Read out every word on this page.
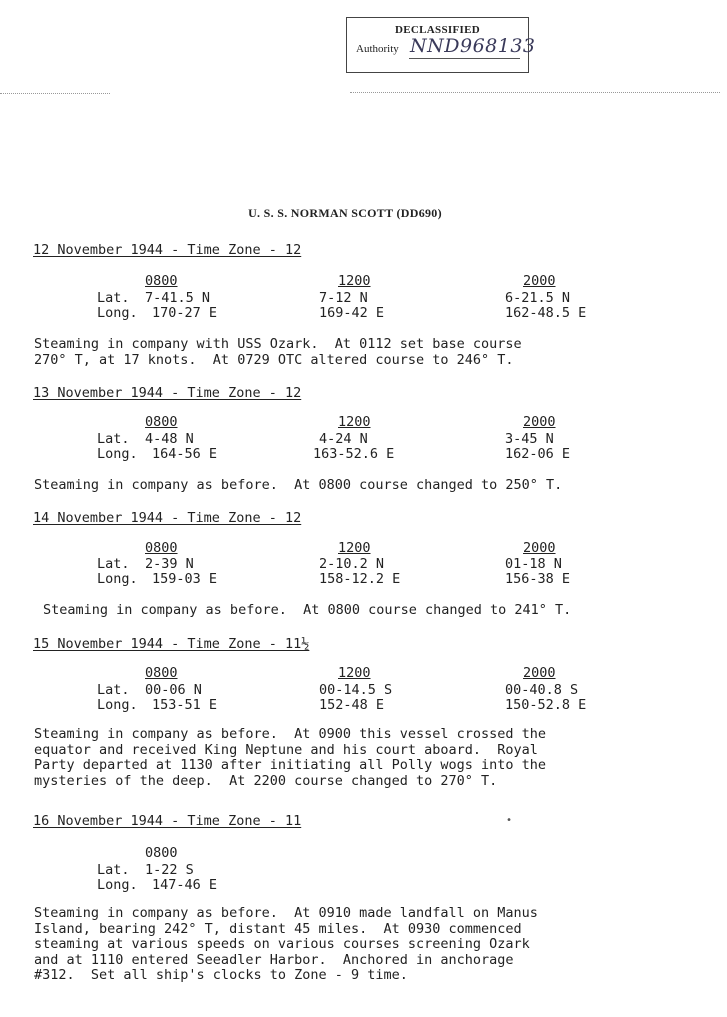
DECLASSIFIED
Authority NND968133
U. S. S. NORMAN SCOTT (DD690)
12 November 1944 - Time Zone - 12
0800	1200	2000
Lat. 7-41.5 N	7-12 N	6-21.5 N
Long. 170-27 E	169-42 E	162-48.5 E
Steaming in company with USS Ozark.  At 0112 set base course
270° T, at 17 knots.  At 0729 OTC altered course to 246° T.
13 November 1944 - Time Zone - 12
0800	1200	2000
Lat. 4-48 N	4-24 N	3-45 N
Long. 164-56 E	163-52.6 E	162-06 E
Steaming in company as before.  At 0800 course changed to 250° T.
14 November 1944 - Time Zone - 12
0800	1200	2000
Lat. 2-39 N	2-10.2 N	01-18 N
Long. 159-03 E	158-12.2 E	156-38 E
Steaming in company as before.  At 0800 course changed to 241° T.
15 November 1944 - Time Zone - 11½
0800	1200	2000
Lat. 00-06 N	00-14.5 S	00-40.8 S
Long. 153-51 E	152-48 E	150-52.8 E
Steaming in company as before.  At 0900 this vessel crossed the
equator and received King Neptune and his court aboard.  Royal
Party departed at 1130 after initiating all Polly wogs into the
mysteries of the deep.  At 2200 course changed to 270° T.
16 November 1944 - Time Zone - 11	•
0800
Lat. 1-22 S
Long. 147-46 E
Steaming in company as before.  At 0910 made landfall on Manus
Island, bearing 242° T, distant 45 miles.  At 0930 commenced
steaming at various speeds on various courses screening Ozark
and at 1110 entered Seeadler Harbor.  Anchored in anchorage
#312.  Set all ship's clocks to Zone - 9 time.
